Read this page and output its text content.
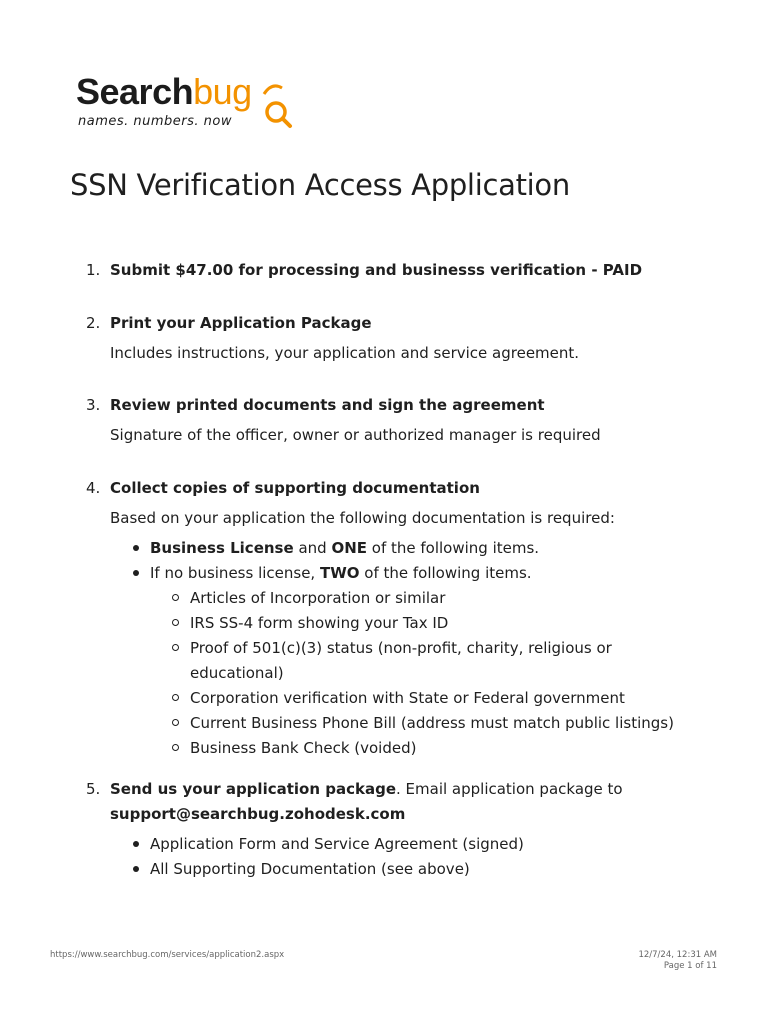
Searchbug
names. numbers. now
SSN Verification Access Application
1. Submit $47.00 for processing and businesss verification - PAID
2. Print your Application Package
Includes instructions, your application and service agreement.
3. Review printed documents and sign the agreement
Signature of the officer, owner or authorized manager is required
4. Collect copies of supporting documentation
Based on your application the following documentation is required:
Business License and ONE of the following items.
If no business license, TWO of the following items.
Articles of Incorporation or similar
IRS SS-4 form showing your Tax ID
Proof of 501(c)(3) status (non-profit, charity, religious or
educational)
Corporation verification with State or Federal government
Current Business Phone Bill (address must match public listings)
Business Bank Check (voided)
5. Send us your application package. Email application package to
support@searchbug.zohodesk.com
Application Form and Service Agreement (signed)
All Supporting Documentation (see above)
https://www.searchbug.com/services/application2.aspx	12/7/24, 12:31 AM
Page 1 of 11
